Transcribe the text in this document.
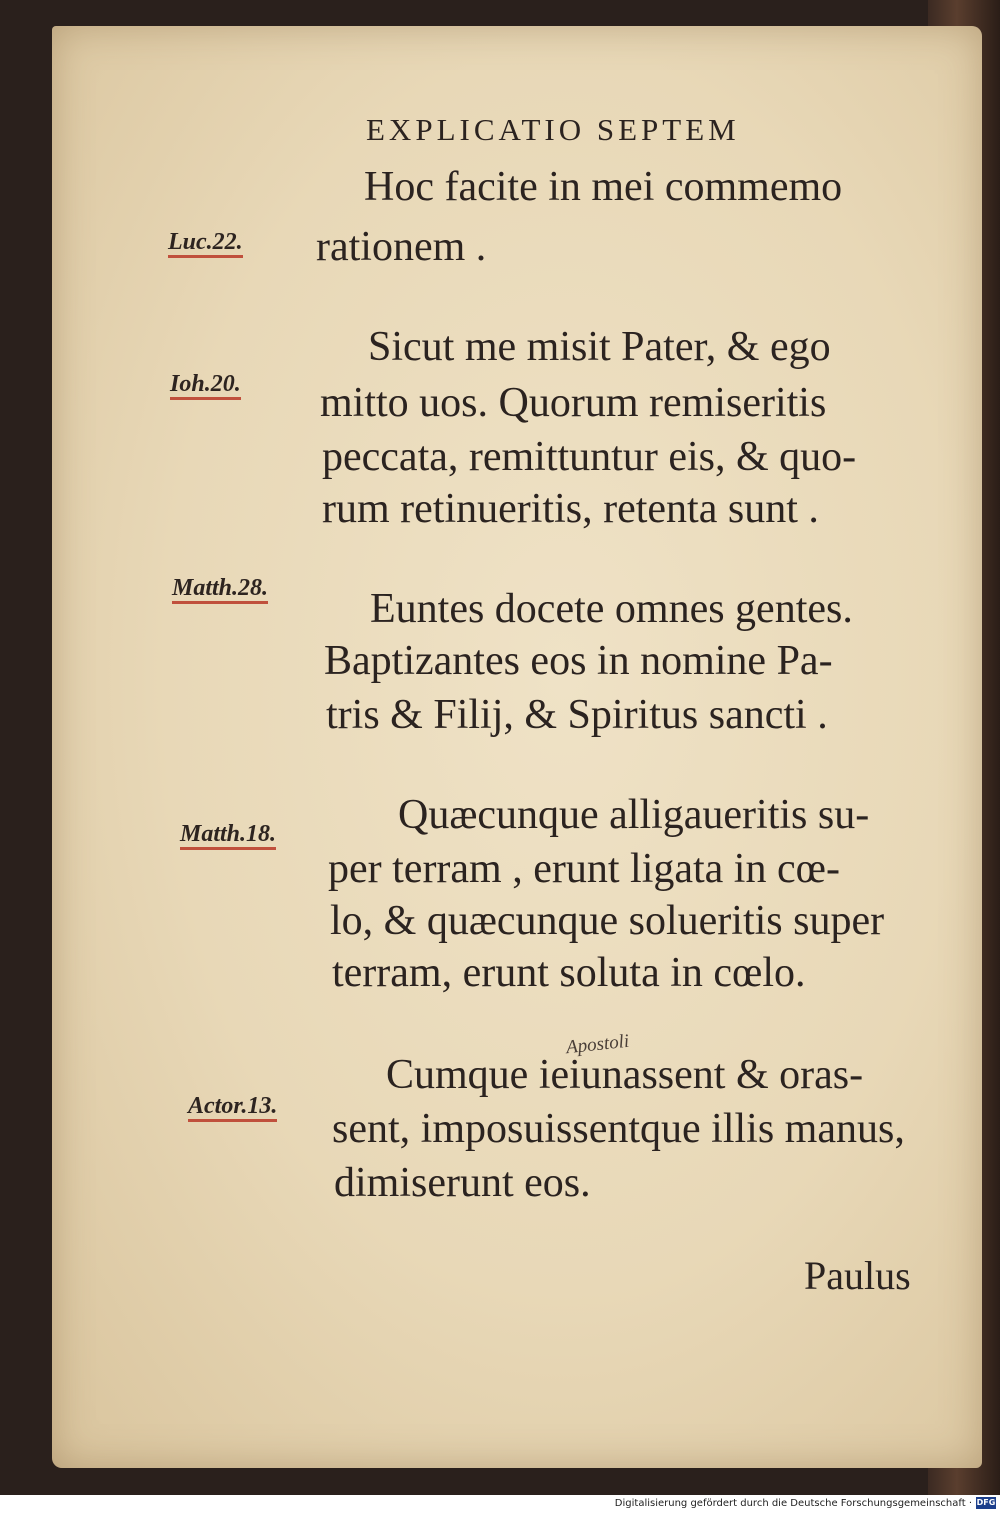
EXPLICATIO SEPTEM
Luc.22.
Hoc facite in mei commemo
rationem .
Ioh.20.
Sicut me misit Pater, & ego
mitto uos. Quorum remiseritis
peccata, remittuntur eis, & quo-
rum retinueritis, retenta sunt .
Matth.28. Euntes docete omnes gentes.
Baptizantes eos in nomine Pa-
tris & Filij, & Spiritus sancti .
Matth.18.	Quæcunque alligaueritis su-
per terram , erunt ligata in cœ-
lo, & quæcunque solueritis super
terram, erunt soluta in cœlo.
Actor.13.
Apostoli
Cumque ieiunassent & oras-
sent, imposuissentque illis manus,
dimiserunt eos.
Paulus
Digitalisierung gefördert durch die Deutsche Forschungsgemeinschaft · DFG
